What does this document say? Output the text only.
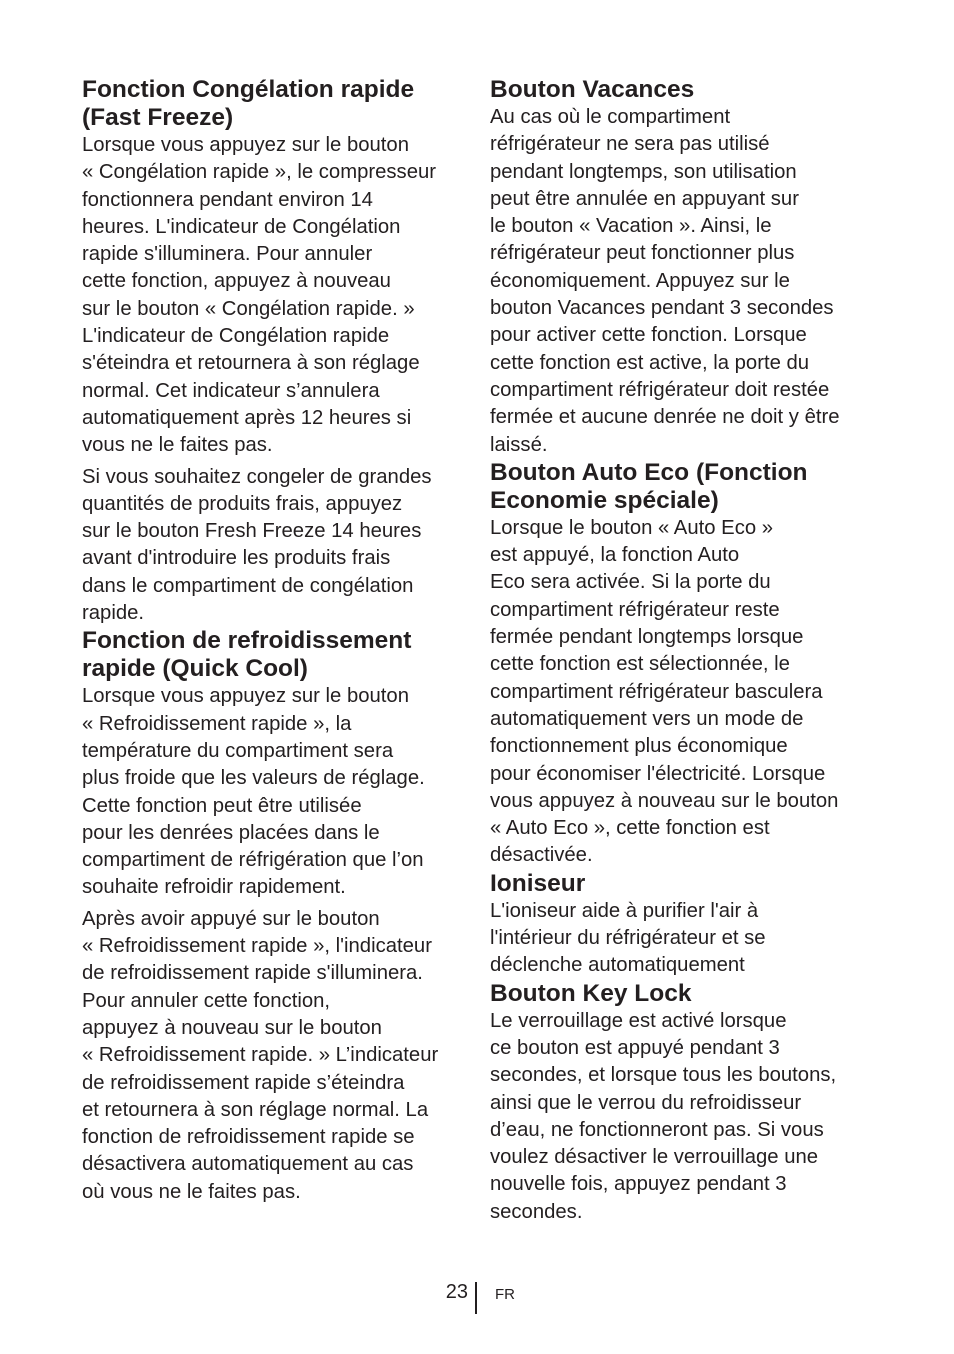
Fonction Congélation rapide
(Fast Freeze)

Lorsque vous appuyez sur le bouton
« Congélation rapide », le compresseur
fonctionnera pendant environ 14
heures. L'indicateur de Congélation
rapide s'illuminera. Pour annuler
cette fonction, appuyez à nouveau
sur le bouton « Congélation rapide. »
L'indicateur de Congélation rapide
s'éteindra et retournera à son réglage
normal. Cet indicateur s’annulera
automatiquement après 12 heures si
vous ne le faites pas.

Si vous souhaitez congeler de grandes
quantités de produits frais, appuyez
sur le bouton Fresh Freeze 14 heures
avant d'introduire les produits frais
dans le compartiment de congélation
rapide.

Fonction de refroidissement
rapide (Quick Cool)

Lorsque vous appuyez sur le bouton
« Refroidissement rapide », la
température du compartiment sera
plus froide que les valeurs de réglage.
Cette fonction peut être utilisée
pour les denrées placées dans le
compartiment de réfrigération que l’on
souhaite refroidir rapidement.

Après avoir appuyé sur le bouton
« Refroidissement rapide », l'indicateur
de refroidissement rapide s'illuminera.
Pour annuler cette fonction,
appuyez à nouveau sur le bouton
« Refroidissement rapide. » L’indicateur
de refroidissement rapide s’éteindra
et retournera à son réglage normal. La
fonction de refroidissement rapide se
désactivera automatiquement au cas
où vous ne le faites pas.

Bouton Vacances

Au cas où le compartiment
réfrigérateur ne sera pas utilisé
pendant longtemps, son utilisation
peut être annulée en appuyant sur
le bouton « Vacation ». Ainsi, le
réfrigérateur peut fonctionner plus
économiquement. Appuyez sur le
bouton Vacances pendant 3 secondes
pour activer cette fonction. Lorsque
cette fonction est active, la porte du
compartiment réfrigérateur doit restée
fermée et aucune denrée ne doit y être
laissé.

Bouton Auto Eco (Fonction
Economie spéciale)

Lorsque le bouton « Auto Eco »
est appuyé, la fonction Auto
Eco sera activée. Si la porte du
compartiment réfrigérateur reste
fermée pendant longtemps lorsque
cette fonction est sélectionnée, le
compartiment réfrigérateur basculera
automatiquement vers un mode de
fonctionnement plus économique
pour économiser l'électricité. Lorsque
vous appuyez à nouveau sur le bouton
« Auto Eco », cette fonction est
désactivée.

Ioniseur

L'ioniseur aide à purifier l'air à
l'intérieur du réfrigérateur et se
déclenche automatiquement

Bouton Key Lock

Le verrouillage est activé lorsque
ce bouton est appuyé pendant 3
secondes, et lorsque tous les boutons,
ainsi que le verrou du refroidisseur
d’eau, ne fonctionneront pas. Si vous
voulez désactiver le verrouillage une
nouvelle fois, appuyez pendant 3
secondes.

23 FR
